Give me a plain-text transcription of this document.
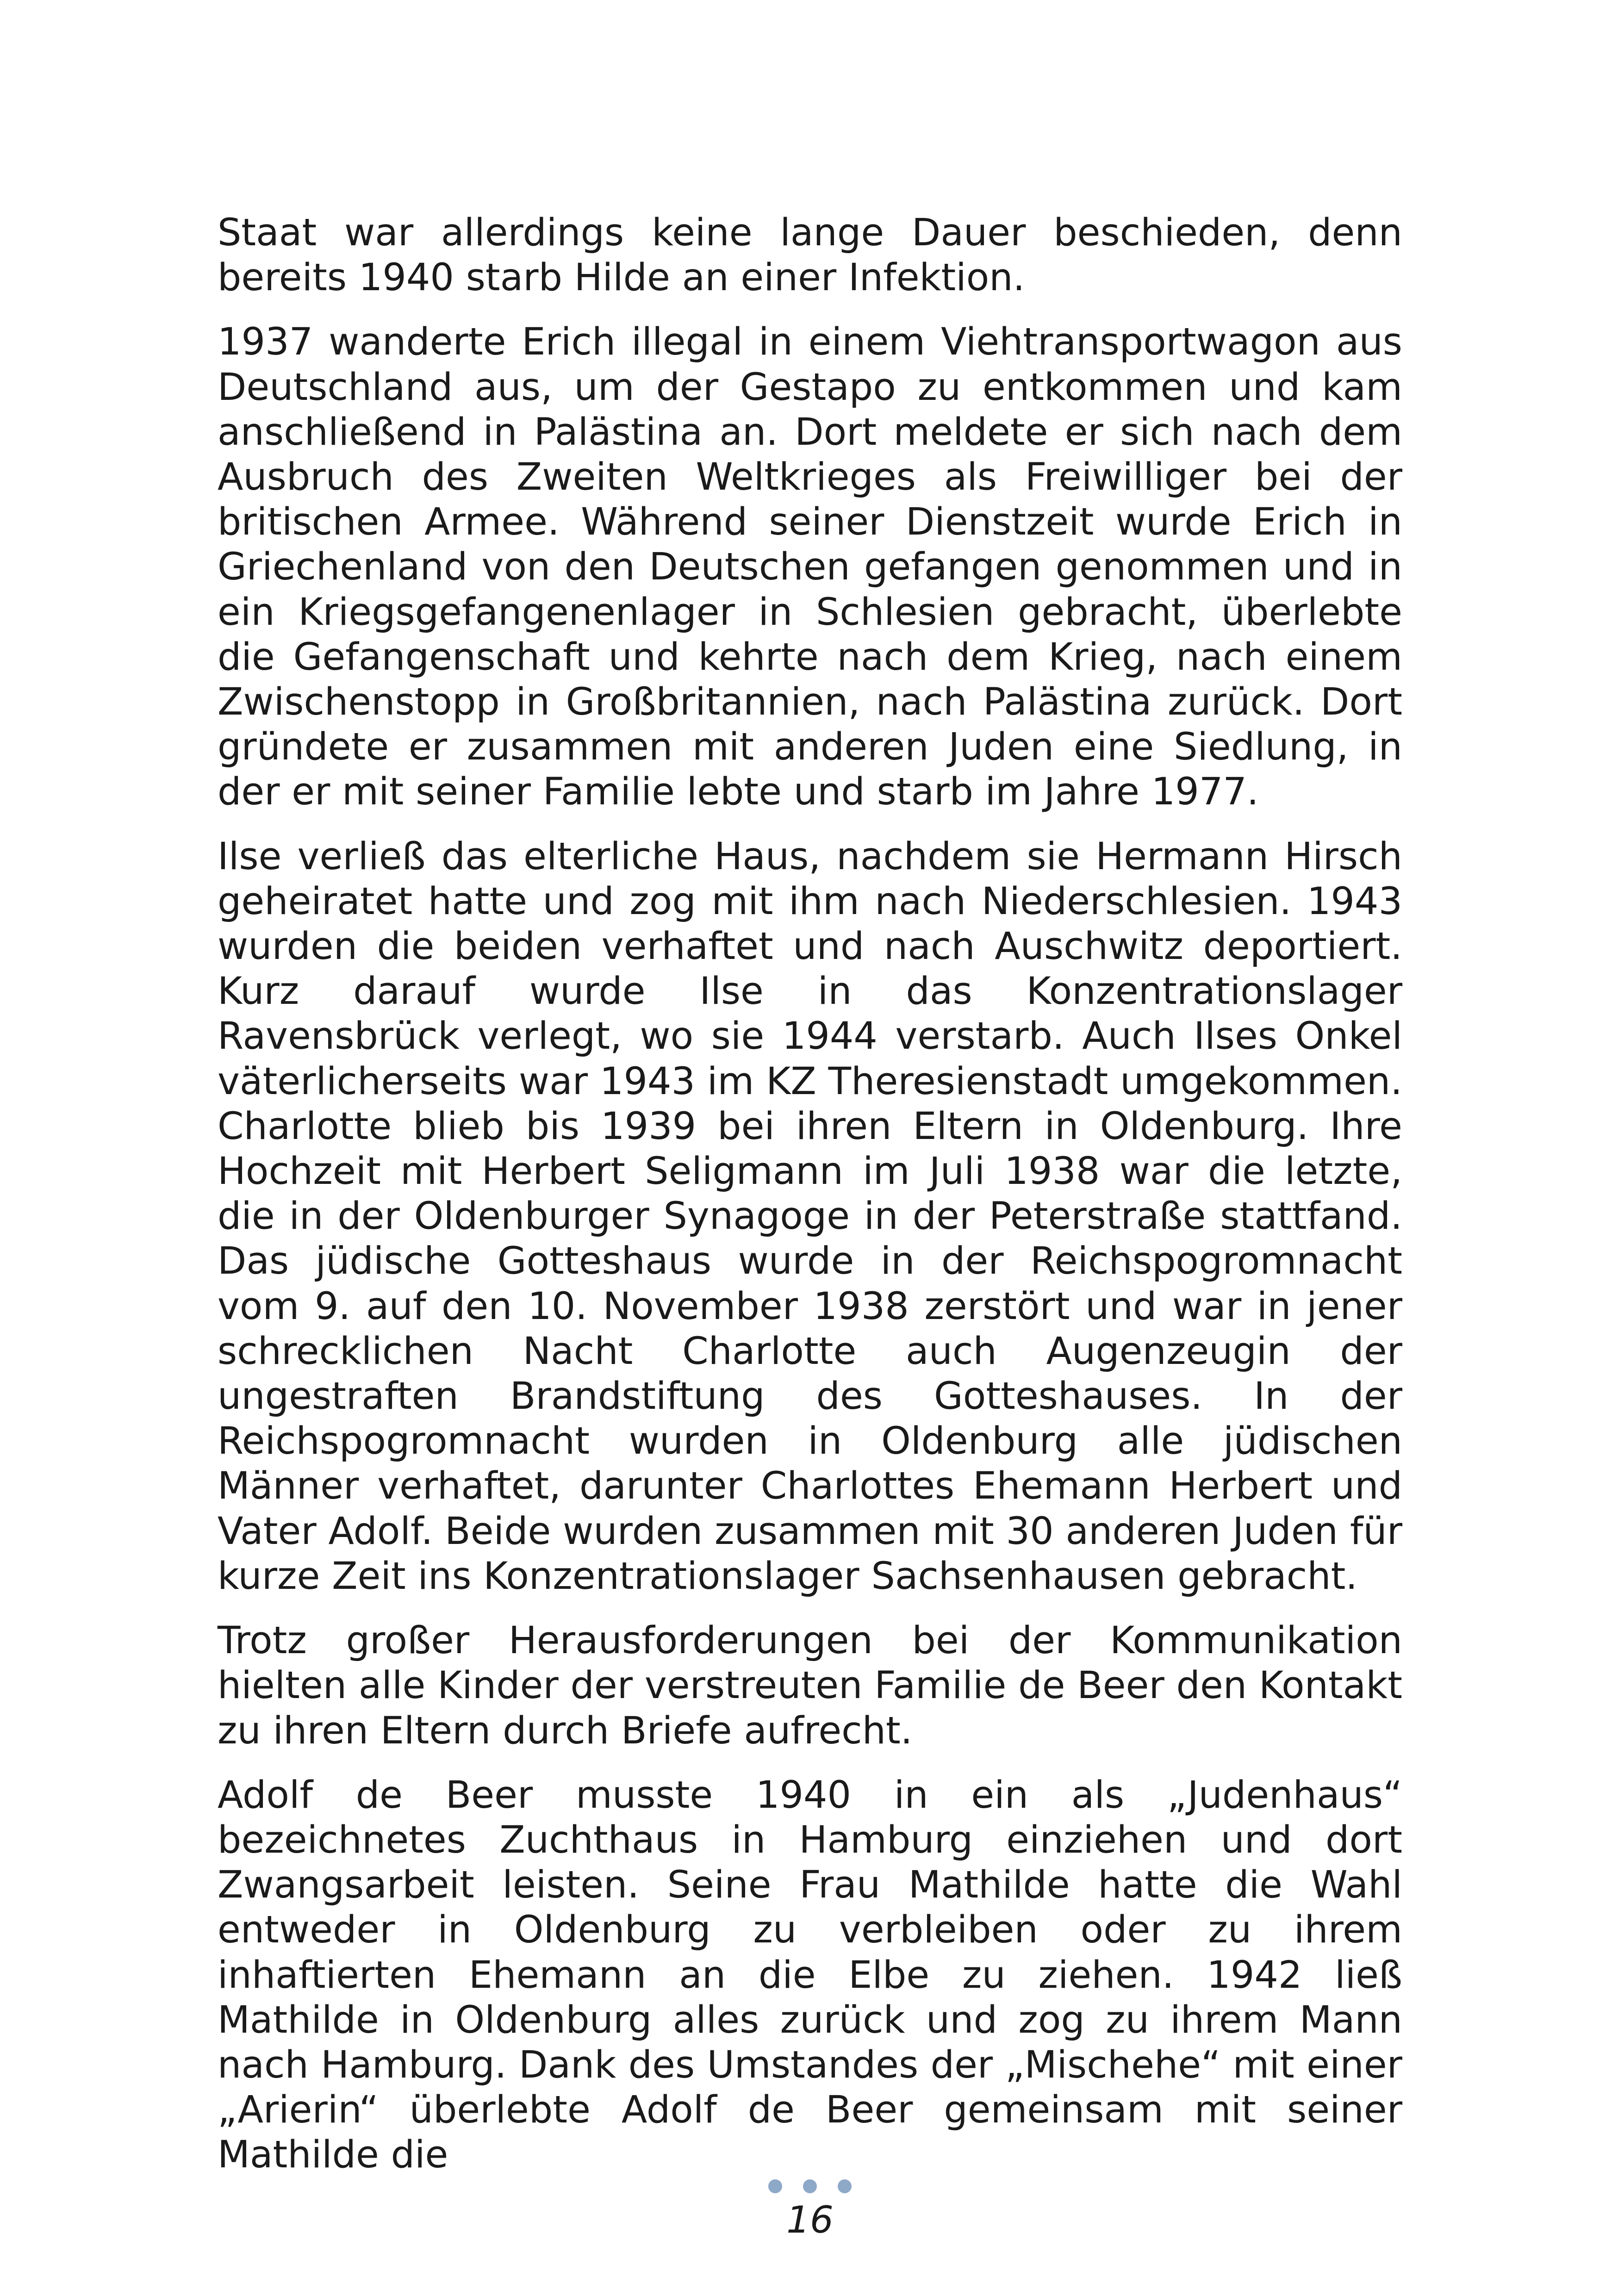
Staat war allerdings keine lange Dauer beschieden, denn bereits 1940 starb Hilde an einer Infektion.

1937 wanderte Erich illegal in einem Viehtransportwagon aus Deutschland aus, um der Gestapo zu entkommen und kam anschließend in Palästina an. Dort meldete er sich nach dem Ausbruch des Zweiten Weltkrieges als Freiwilliger bei der britischen Armee. Während seiner Dienstzeit wurde Erich in Griechenland von den Deutschen gefangen genommen und in ein Kriegsgefangenenlager in Schlesien gebracht, überlebte die Gefangenschaft und kehrte nach dem Krieg, nach einem Zwischenstopp in Großbritannien, nach Palästina zurück. Dort gründete er zusammen mit anderen Juden eine Siedlung, in der er mit seiner Familie lebte und starb im Jahre 1977.

Ilse verließ das elterliche Haus, nachdem sie Hermann Hirsch geheiratet hatte und zog mit ihm nach Niederschlesien. 1943 wurden die beiden verhaftet und nach Auschwitz deportiert. Kurz darauf wurde Ilse in das Konzentrationslager Ravensbrück verlegt, wo sie 1944 verstarb. Auch Ilses Onkel väterlicherseits war 1943 im KZ Theresienstadt umgekommen. Charlotte blieb bis 1939 bei ihren Eltern in Oldenburg. Ihre Hochzeit mit Herbert Seligmann im Juli 1938 war die letzte, die in der Oldenburger Synagoge in der Peterstraße stattfand. Das jüdische Gotteshaus wurde in der Reichspogromnacht vom 9. auf den 10. November 1938 zerstört und war in jener schrecklichen Nacht Charlotte auch Augenzeugin der ungestraften Brandstiftung des Gotteshauses. In der Reichspogromnacht wurden in Oldenburg alle jüdischen Männer verhaftet, darunter Charlottes Ehemann Herbert und Vater Adolf. Beide wurden zusammen mit 30 anderen Juden für kurze Zeit ins Konzentrationslager Sachsenhausen gebracht.

Trotz großer Herausforderungen bei der Kommunikation hielten alle Kinder der verstreuten Familie de Beer den Kontakt zu ihren Eltern durch Briefe aufrecht.

Adolf de Beer musste 1940 in ein als „Judenhaus“ bezeichnetes Zuchthaus in Hamburg einziehen und dort Zwangsarbeit leisten. Seine Frau Mathilde hatte die Wahl entweder in Oldenburg zu verbleiben oder zu ihrem inhaftierten Ehemann an die Elbe zu ziehen. 1942 ließ Mathilde in Oldenburg alles zurück und zog zu ihrem Mann nach Hamburg. Dank des Umstandes der „Mischehe“ mit einer „Arierin“ überlebte Adolf de Beer gemeinsam mit seiner Mathilde die

16
